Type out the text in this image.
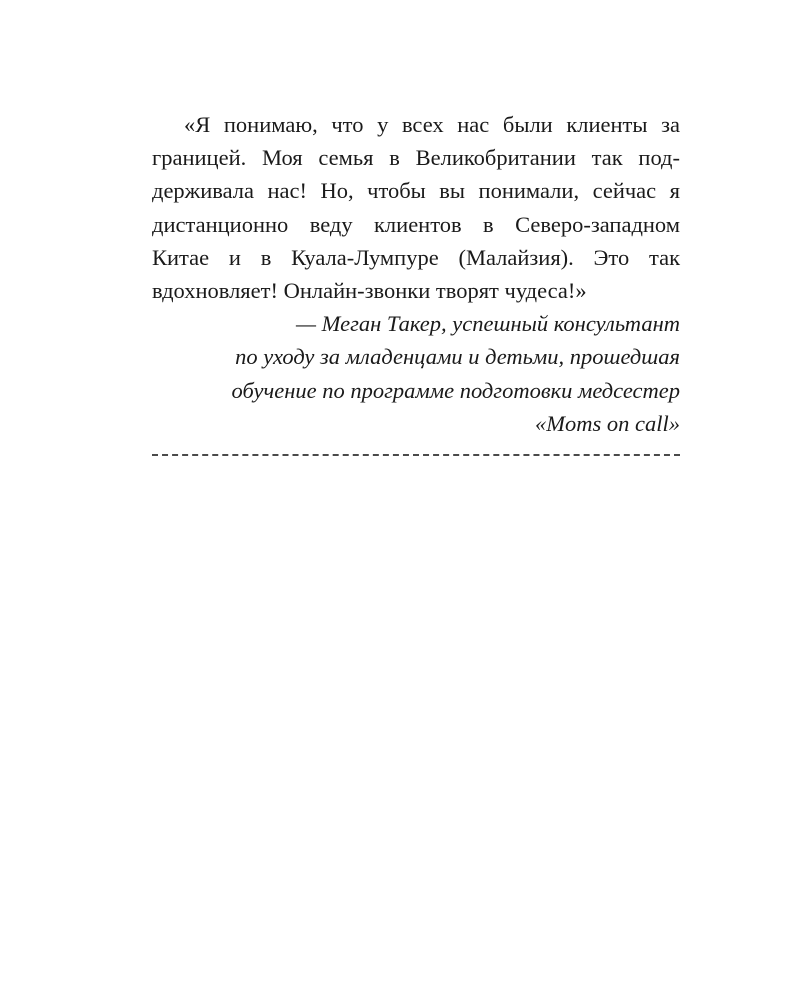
«Я понимаю, что у всех нас были клиенты за
границей. Моя семья в Великобритании так под-
держивала нас! Но, чтобы вы понимали, сейчас я
дистанционно веду клиентов в Северо-западном
Китае и в Куала-Лумпуре (Малайзия). Это так
вдохновляет! Онлайн-звонки творят чудеса!»
— Меган Такер, успешный консультант
по уходу за младенцами и детьми, прошедшая
обучение по программе подготовки медсестер
«Moms on call»
